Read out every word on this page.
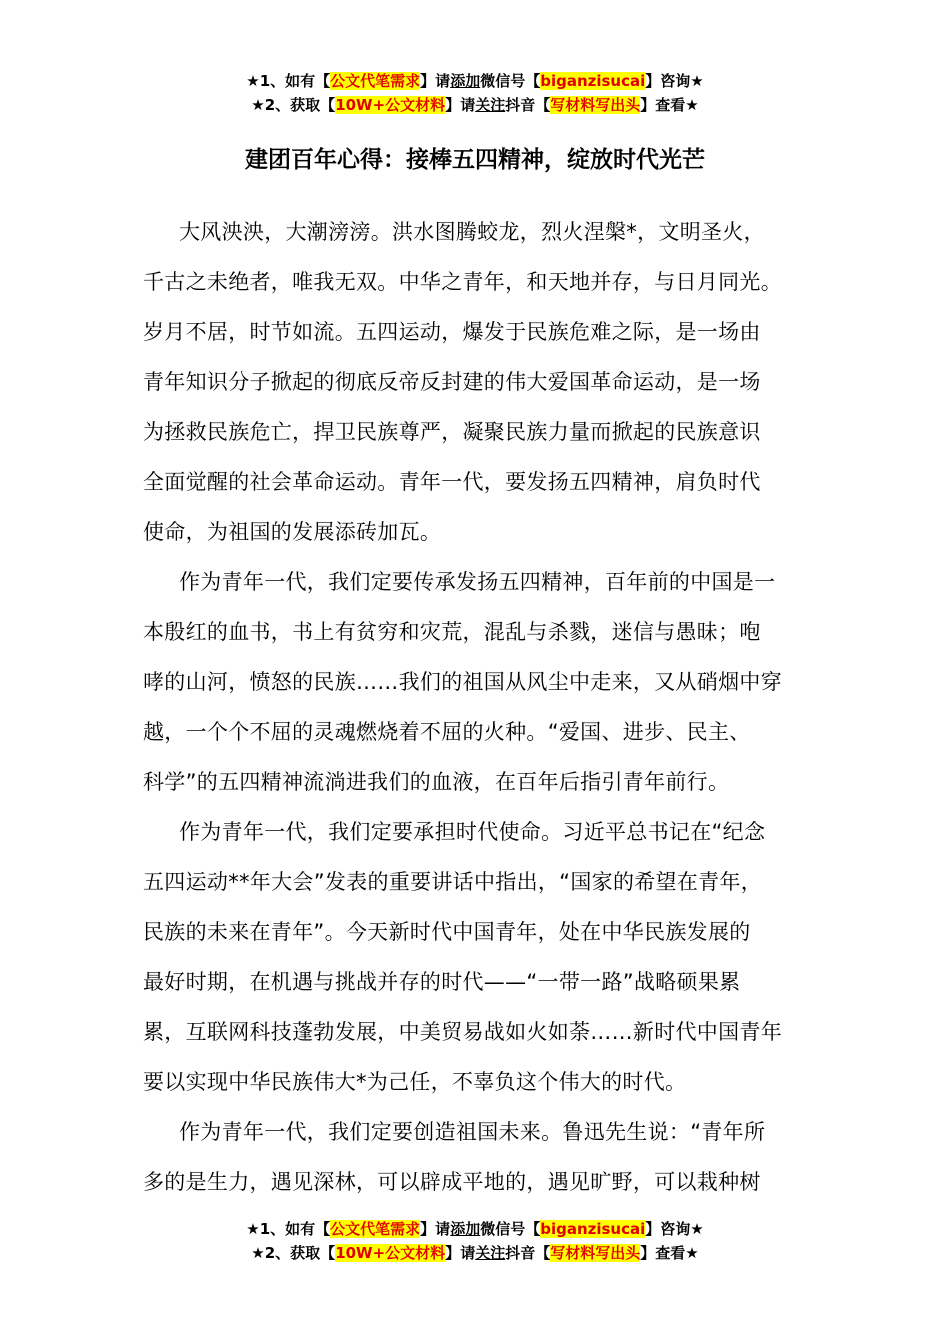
★1、如有【公文代笔需求】请添加微信号【biganzisucai】咨询★
★2、获取【10W+公文材料】请关注抖音【写材料写出头】查看★
建团百年心得：接棒五四精神，绽放时代光芒

大风泱泱，大潮滂滂。洪水图腾蛟龙，烈火涅槃*，文明圣火，

千古之未绝者，唯我无双。中华之青年，和天地并存，与日月同光。

岁月不居，时节如流。五四运动，爆发于民族危难之际，是一场由

青年知识分子掀起的彻底反帝反封建的伟大爱国革命运动，是一场

为拯救民族危亡，捍卫民族尊严，凝聚民族力量而掀起的民族意识

全面觉醒的社会革命运动。青年一代，要发扬五四精神，肩负时代

使命，为祖国的发展添砖加瓦。

作为青年一代，我们定要传承发扬五四精神，百年前的中国是一

本殷红的血书，书上有贫穷和灾荒，混乱与杀戮，迷信与愚昧；咆

哮的山河，愤怒的民族……我们的祖国从风尘中走来，又从硝烟中穿

越，一个个不屈的灵魂燃烧着不屈的火种。“爱国、进步、民主、

科学”的五四精神流淌进我们的血液，在百年后指引青年前行。

作为青年一代，我们定要承担时代使命。习近平总书记在“纪念

五四运动**年大会”发表的重要讲话中指出，“国家的希望在青年，

民族的未来在青年”。今天新时代中国青年，处在中华民族发展的

最好时期，在机遇与挑战并存的时代——“一带一路”战略硕果累

累，互联网科技蓬勃发展，中美贸易战如火如荼……新时代中国青年

要以实现中华民族伟大*为己任，不辜负这个伟大的时代。

作为青年一代，我们定要创造祖国未来。鲁迅先生说：“青年所

多的是生力，遇见深林，可以辟成平地的，遇见旷野，可以栽种树

★1、如有【公文代笔需求】请添加微信号【biganzisucai】咨询★
★2、获取【10W+公文材料】请关注抖音【写材料写出头】查看★
